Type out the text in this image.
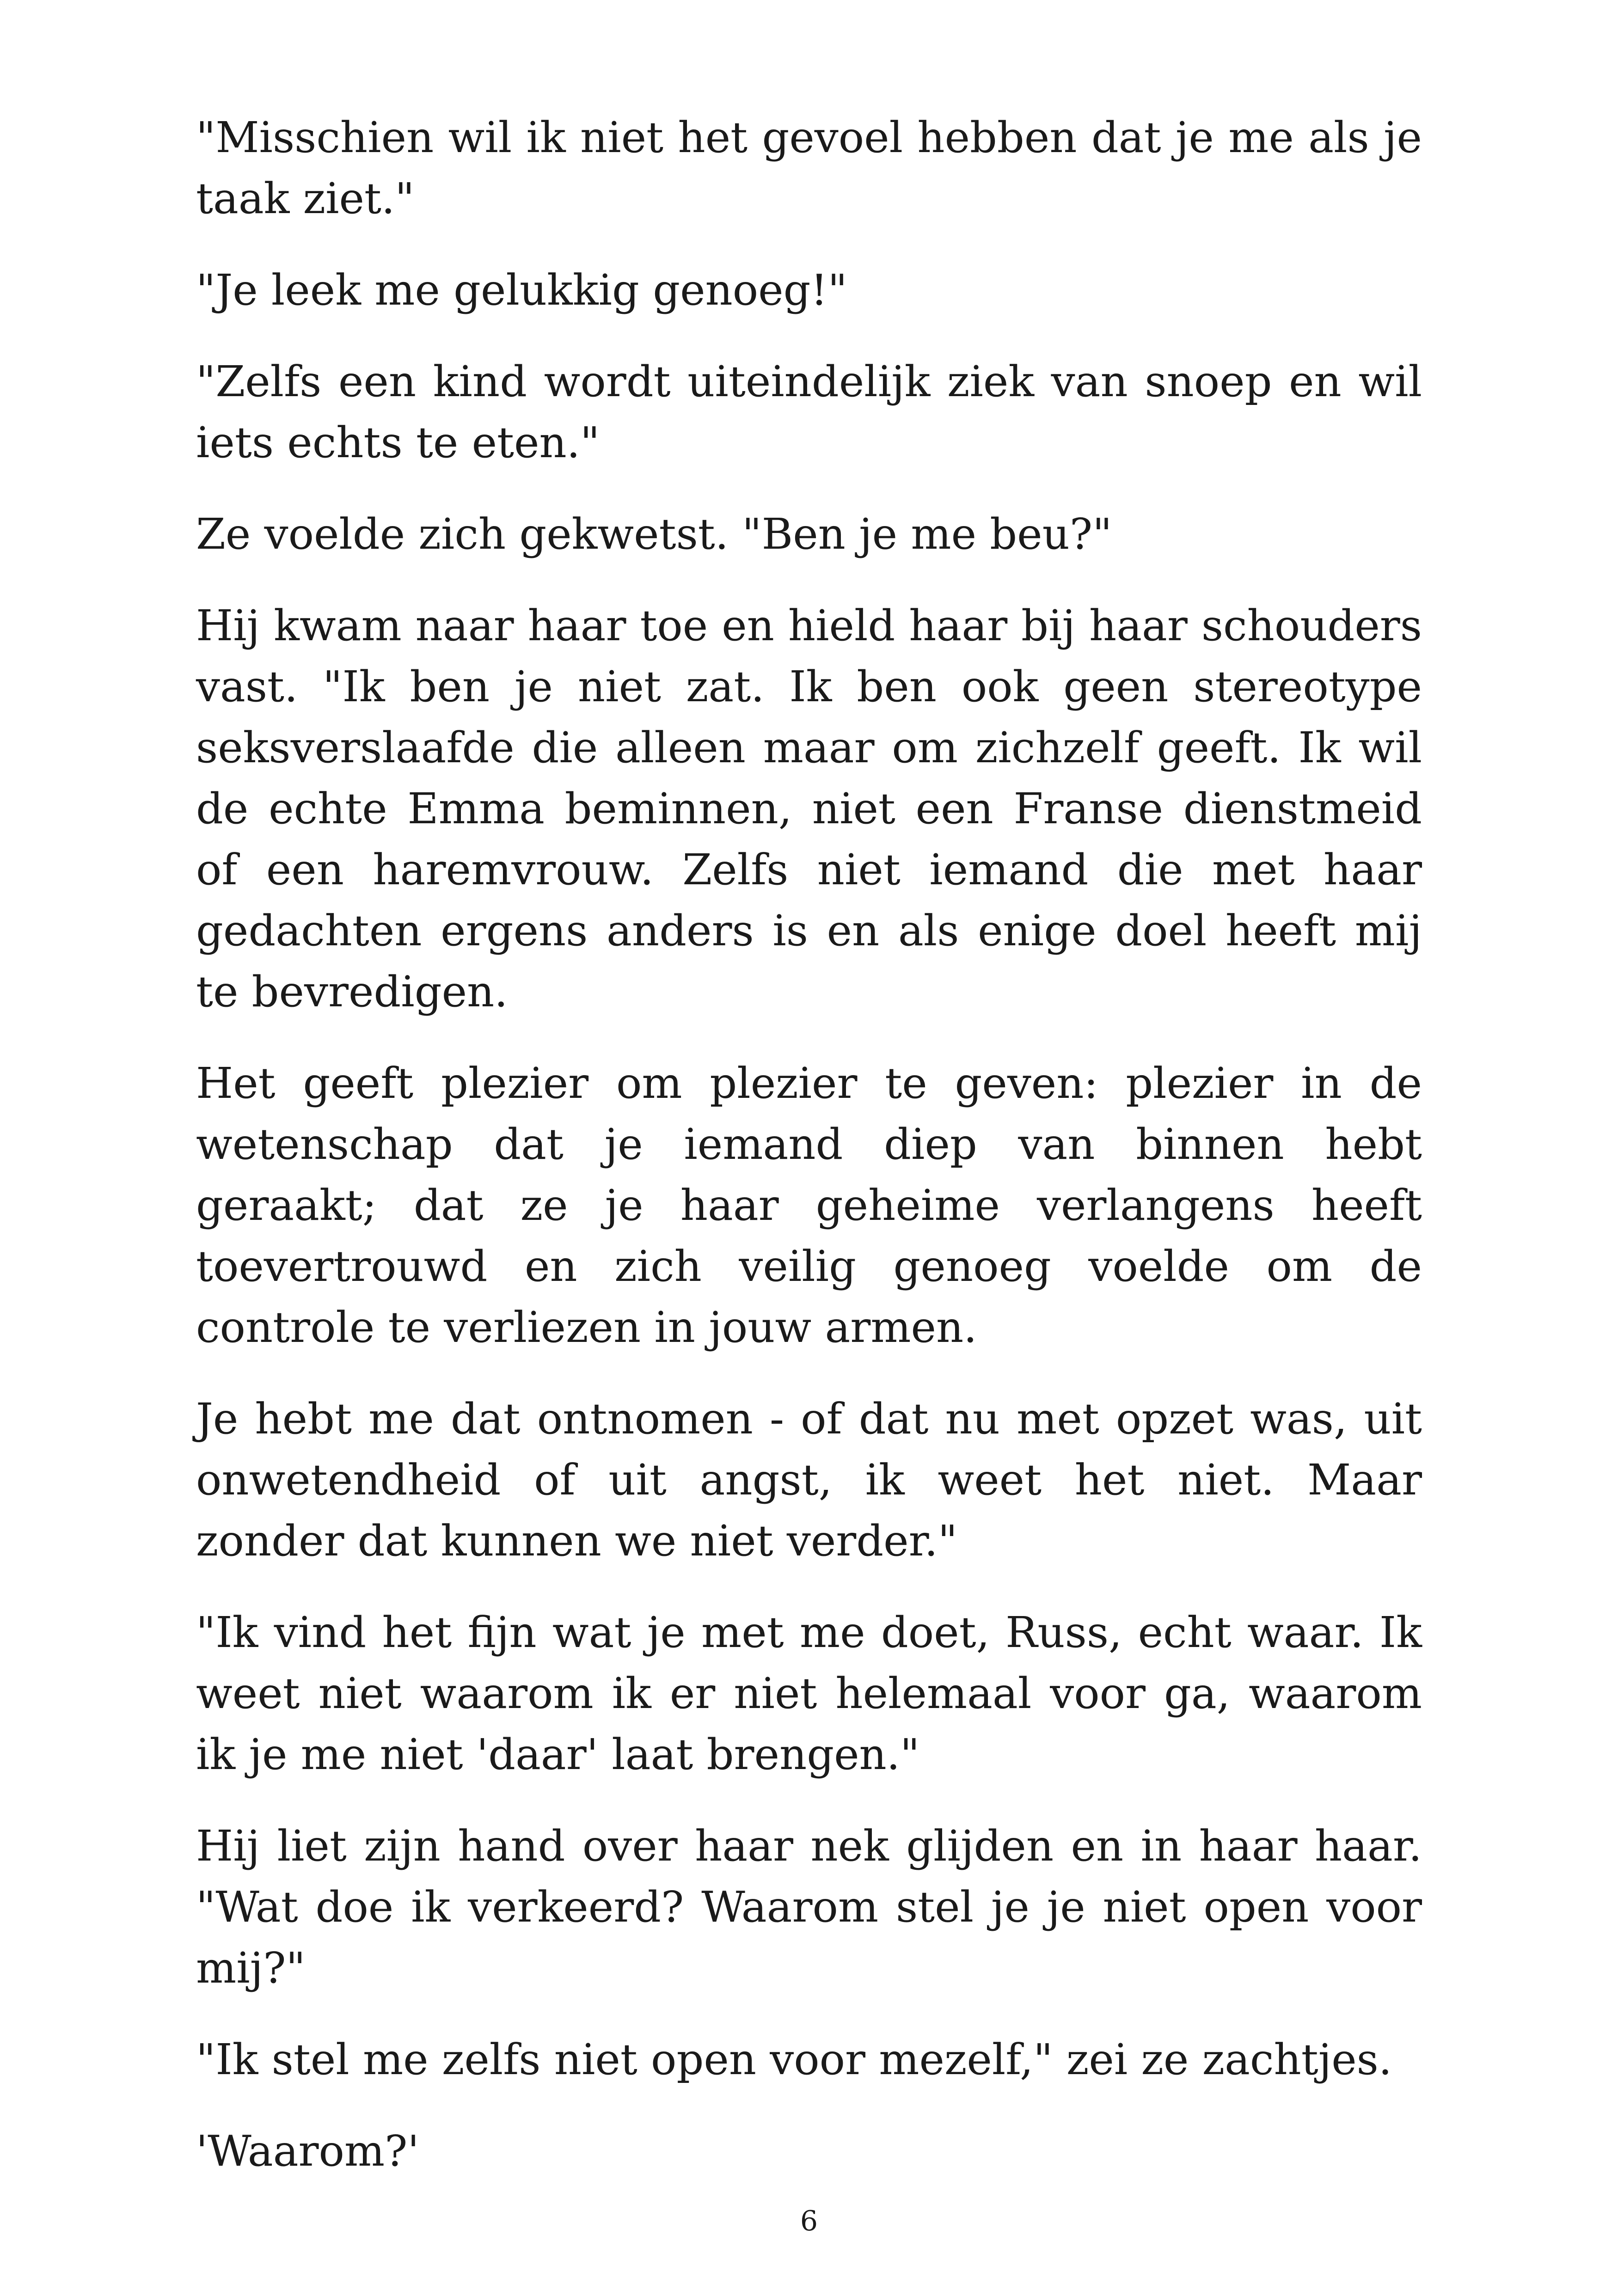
"Misschien wil ik niet het gevoel hebben dat je me als je taak ziet."

"Je leek me gelukkig genoeg!"

"Zelfs een kind wordt uiteindelijk ziek van snoep en wil iets echts te eten."

Ze voelde zich gekwetst. "Ben je me beu?"

Hij kwam naar haar toe en hield haar bij haar schouders vast. "Ik ben je niet zat. Ik ben ook geen stereotype seksverslaafde die alleen maar om zichzelf geeft. Ik wil de echte Emma beminnen, niet een Franse dienstmeid of een haremvrouw. Zelfs niet iemand die met haar gedachten ergens anders is en als enige doel heeft mij te bevredigen.

Het geeft plezier om plezier te geven: plezier in de wetenschap dat je iemand diep van binnen hebt geraakt; dat ze je haar geheime verlangens heeft toevertrouwd en zich veilig genoeg voelde om de controle te verliezen in jouw armen.

Je hebt me dat ontnomen - of dat nu met opzet was, uit onwetendheid of uit angst, ik weet het niet. Maar zonder dat kunnen we niet verder."

"Ik vind het fijn wat je met me doet, Russ, echt waar. Ik weet niet waarom ik er niet helemaal voor ga, waarom ik je me niet 'daar' laat brengen."

Hij liet zijn hand over haar nek glijden en in haar haar. "Wat doe ik verkeerd? Waarom stel je je niet open voor mij?"

"Ik stel me zelfs niet open voor mezelf," zei ze zachtjes.

'Waarom?'

6
